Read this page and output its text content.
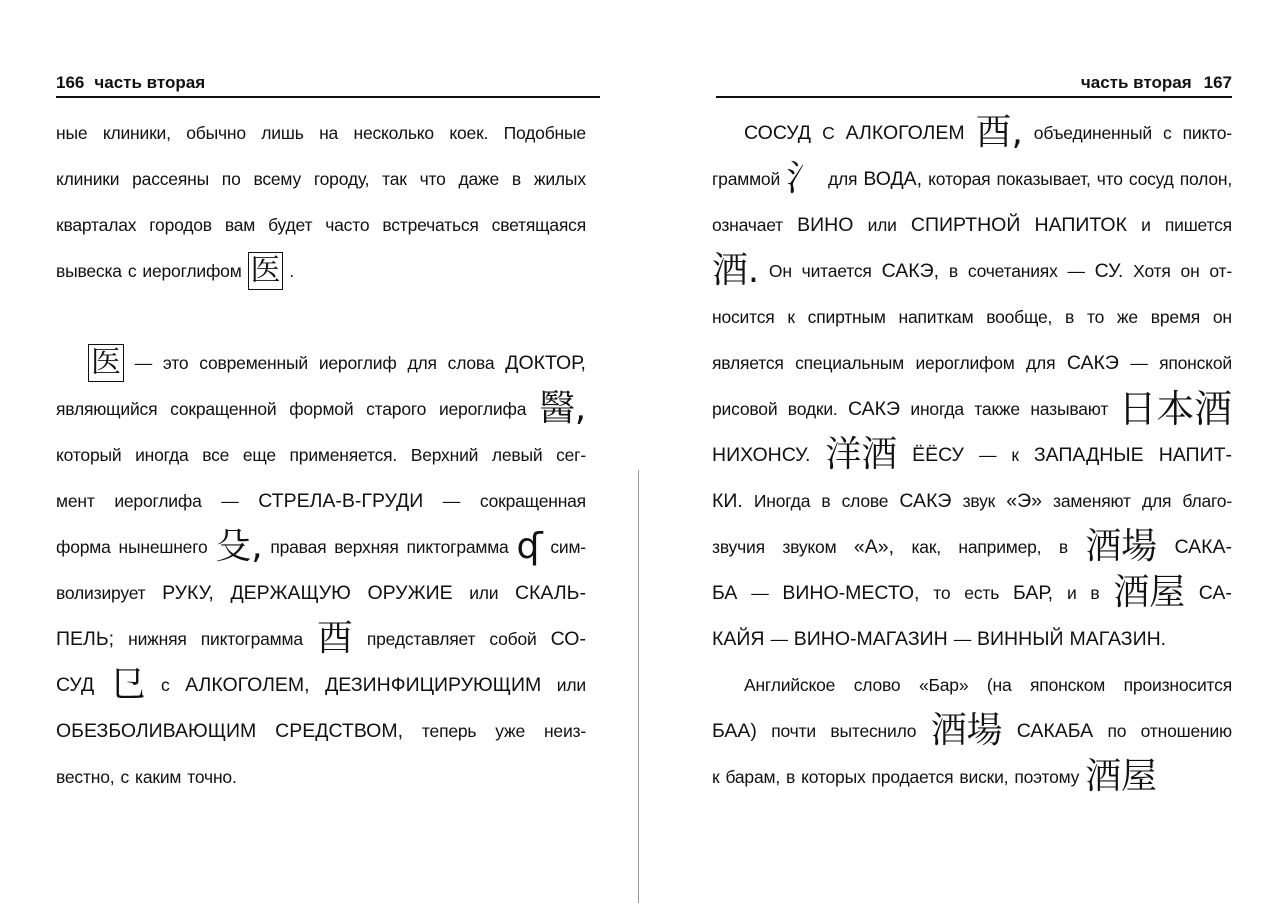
166 часть вторая
ные клиники, обычно лишь на несколько коек. Подобные
клиники рассеяны по всему городу, так что даже в жилых
кварталах городов вам будет часто встречаться светящаяся
вывеска с иероглифом 医 .
医 — это современный иероглиф для слова ДОКТОР,
являющийся сокращенной формой старого иероглифа 醫,
который иногда все еще применяется. Верхний левый сег-
мент иероглифа — СТРЕЛА-В-ГРУДИ — сокращенная
форма нынешнего 殳, правая верхняя пиктограмма ʠ сим-
волизирует РУКУ, ДЕРЖАЩУЮ ОРУЖИЕ или СКАЛЬ-
ПЕЛЬ; нижняя пиктограмма 酉 представляет собой СО-
СУД 㔾 с АЛКОГОЛЕМ, ДЕЗИНФИЦИРУЮЩИМ или
ОБЕЗБОЛИВАЮЩИМ СРЕДСТВОМ, теперь уже неиз-
вестно, с каким точно.
часть вторая 167
СОСУД С АЛКОГОЛЕМ 酉, объединенный с пикто-
граммой 氵 для ВОДА, которая показывает, что сосуд полон,
означает ВИНО или СПИРТНОЙ НАПИТОК и пишется
酒. Он читается САКЭ, в сочетаниях — СУ. Хотя он от-
носится к спиртным напиткам вообще, в то же время он
является специальным иероглифом для САКЭ — японской
рисовой водки. САКЭ иногда также называют 日本酒
НИХОНСУ. 洋酒 ЁЁСУ — к ЗАПАДНЫЕ НАПИТ-
КИ. Иногда в слове САКЭ звук «Э» заменяют для благо-
звучия звуком «А», как, например, в 酒場 САКА-
БА — ВИНО-МЕСТО, то есть БАР, и в 酒屋 СА-
КАЙЯ — ВИНО-МАГАЗИН — ВИННЫЙ МАГАЗИН.
Английское слово «Бар» (на японском произносится
БАА) почти вытеснило 酒場 САКАБА по отношению
к барам, в которых продается виски, поэтому 酒屋
